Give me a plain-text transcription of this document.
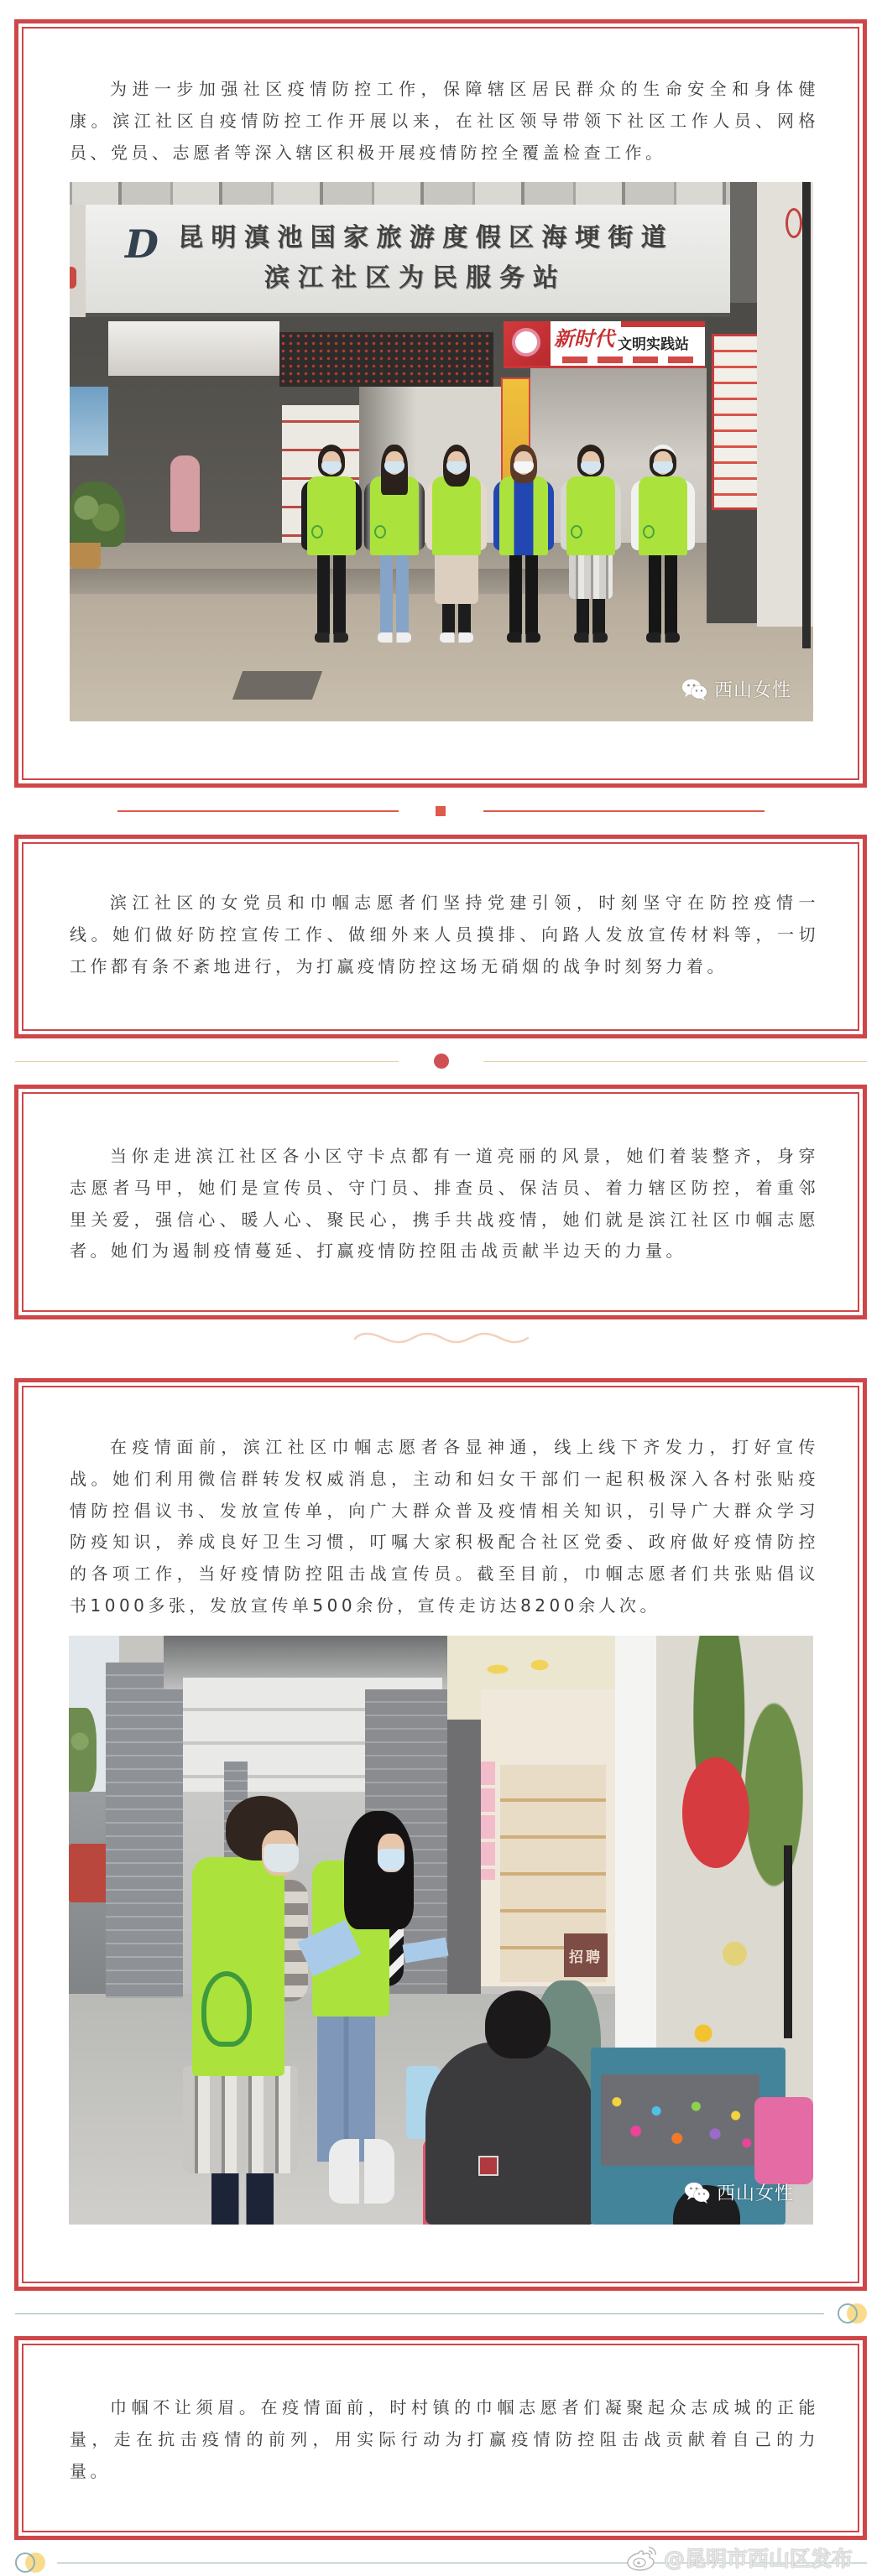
为进一步加强社区疫情防控工作，保障辖区居民群众的生命安全和身体健
康。滨江社区自疫情防控工作开展以来，在社区领导带领下社区工作人员、网格
员、党员、志愿者等深入辖区积极开展疫情防控全覆盖检查工作。
D 昆明滇池国家旅游度假区海埂街道
滨江社区为民服务站
新时代 文明实践站
西山女性
滨江社区的女党员和巾帼志愿者们坚持党建引领，时刻坚守在防控疫情一
线。她们做好防控宣传工作、做细外来人员摸排、向路人发放宣传材料等，一切
工作都有条不紊地进行，为打赢疫情防控这场无硝烟的战争时刻努力着。
当你走进滨江社区各小区守卡点都有一道亮丽的风景，她们着装整齐，身穿
志愿者马甲，她们是宣传员、守门员、排查员、保洁员、着力辖区防控，着重邻
里关爱，强信心、暖人心、聚民心，携手共战疫情，她们就是滨江社区巾帼志愿
者。她们为遏制疫情蔓延、打赢疫情防控阻击战贡献半边天的力量。
在疫情面前，滨江社区巾帼志愿者各显神通，线上线下齐发力，打好宣传
战。她们利用微信群转发权威消息，主动和妇女干部们一起积极深入各村张贴疫
情防控倡议书、发放宣传单，向广大群众普及疫情相关知识，引导广大群众学习
防疫知识，养成良好卫生习惯，叮嘱大家积极配合社区党委、政府做好疫情防控
的各项工作，当好疫情防控阻击战宣传员。截至目前，巾帼志愿者们共张贴倡议
书1000多张，发放宣传单500余份，宣传走访达8200余人次。
招聘
西山女性
巾帼不让须眉。在疫情面前，时村镇的巾帼志愿者们凝聚起众志成城的正能
量，走在抗击疫情的前列，用实际行动为打赢疫情防控阻击战贡献着自己的力
量。
@昆明市西山区发布
